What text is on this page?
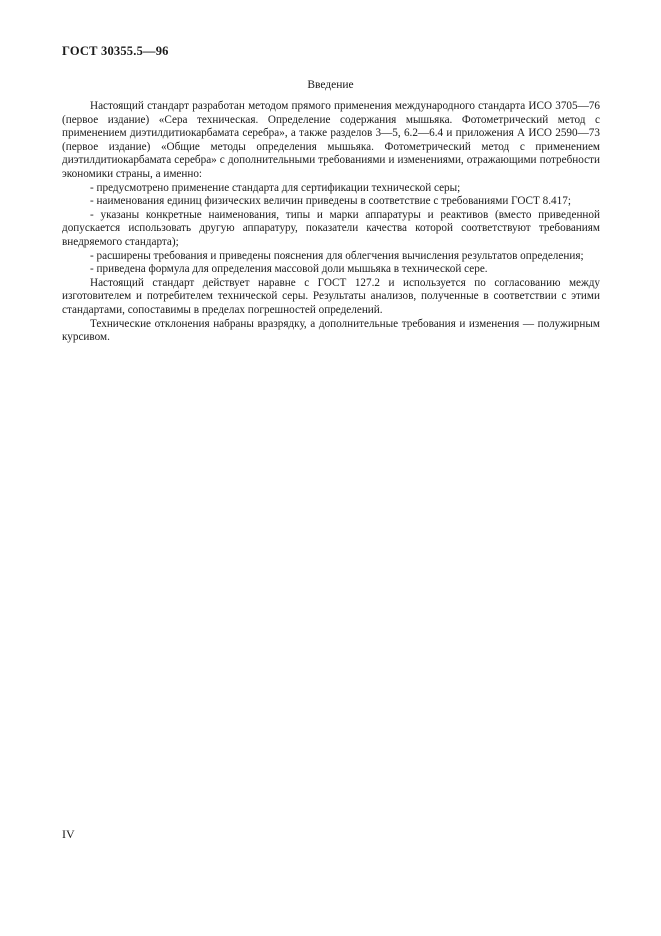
ГОСТ 30355.5—96
Введение

Настоящий стандарт разработан методом прямого применения международного стандарта ИСО 3705—76 (первое издание) «Сера техническая. Определение содержания мышьяка. Фотометрический метод с применением диэтилдитиокарбамата серебра», а также разделов 3—5, 6.2—6.4 и приложения А ИСО 2590—73 (первое издание) «Общие методы определения мышьяка. Фотометрический метод с применением диэтилдитиокарбамата серебра» с дополнительными требованиями и изменениями, отражающими потребности экономики страны, а именно:

- предусмотрено применение стандарта для сертификации технической серы;

- наименования единиц физических величин приведены в соответствие с требованиями ГОСТ 8.417;

- указаны конкретные наименования, типы и марки аппаратуры и реактивов (вместо приведенной допускается использовать другую аппаратуру, показатели качества которой соответствуют требованиям внедряемого стандарта);

- расширены требования и приведены пояснения для облегчения вычисления результатов определения;

- приведена формула для определения массовой доли мышьяка в технической сере.

Настоящий стандарт действует наравне с ГОСТ 127.2 и используется по согласованию между изготовителем и потребителем технической серы. Результаты анализов, полученные в соответствии с этими стандартами, сопоставимы в пределах погрешностей определений.

Технические отклонения набраны вразрядку, а дополнительные требования и изменения — полужирным курсивом.

IV
